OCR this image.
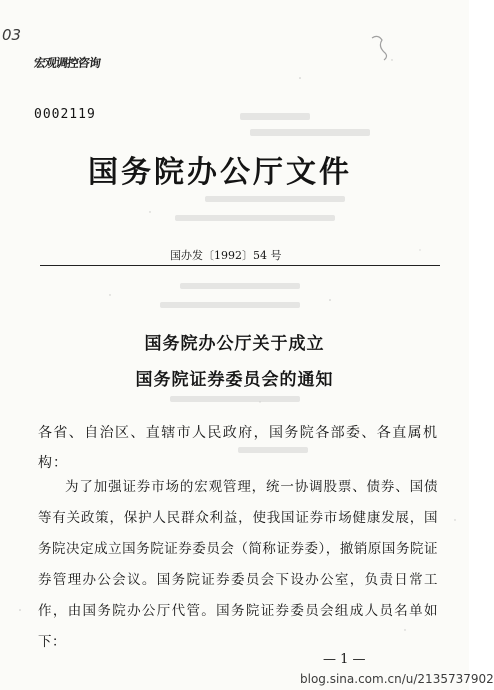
03
宏观调控咨询
0002119
国务院办公厅文件
国办发〔1992〕54 号
国务院办公厅关于成立
国务院证券委员会的通知
各省、自治区、直辖市人民政府，国务院各部委、各直属机构：
为了加强证券市场的宏观管理，统一协调股票、债券、国债等有关政策，保护人民群众利益，使我国证券市场健康发展，国务院决定成立国务院证券委员会（简称证券委），撤销原国务院证券管理办公会议。国务院证券委员会下设办公室，负责日常工作，由国务院办公厅代管。国务院证券委员会组成人员名单如下：
— 1 —
blog.sina.com.cn/u/2135737902
